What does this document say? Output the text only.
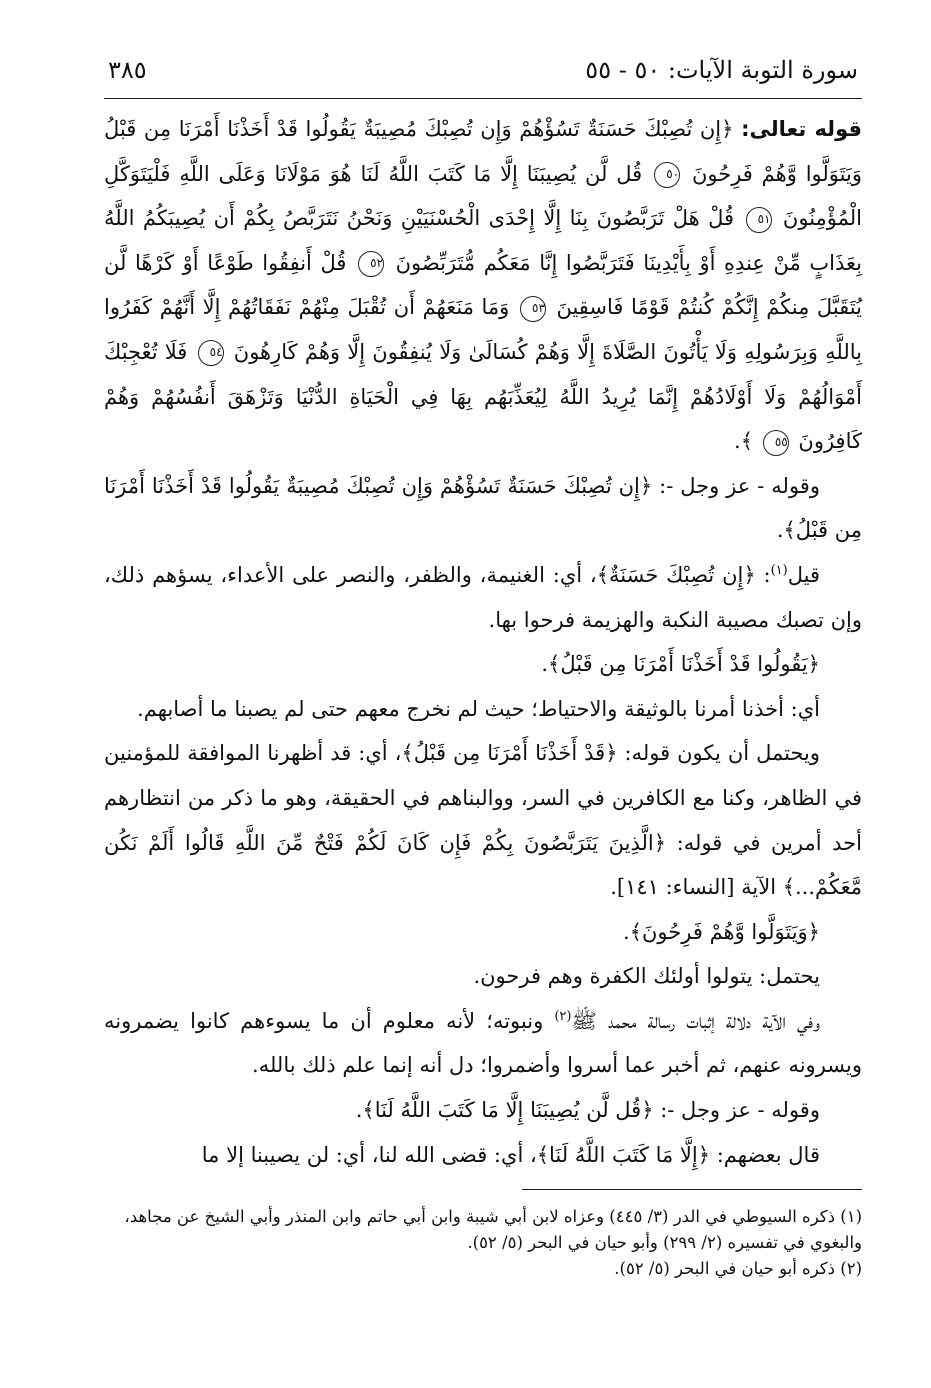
سورة التوبة الآيات: ٥٠ - ٥٥
٣٨٥

قوله تعالى: ﴿إِن تُصِبْكَ حَسَنَةٌ تَسُؤْهُمْ وَإِن تُصِبْكَ مُصِيبَةٌ يَقُولُوا قَدْ أَخَذْنَا أَمْرَنَا مِن قَبْلُ وَيَتَوَلَّوا وَّهُمْ فَرِحُونَ ٥٠ قُل لَّن يُصِيبَنَا إِلَّا مَا كَتَبَ اللَّهُ لَنَا هُوَ مَوْلَانَا وَعَلَى اللَّهِ فَلْيَتَوَكَّلِ الْمُؤْمِنُونَ ٥١ قُلْ هَلْ تَرَبَّصُونَ بِنَا إِلَّا إِحْدَى الْحُسْنَيَيْنِ وَنَحْنُ نَتَرَبَّصُ بِكُمْ أَن يُصِيبَكُمُ اللَّهُ بِعَذَابٍ مِّنْ عِندِهِ أَوْ بِأَيْدِينَا فَتَرَبَّصُوا إِنَّا مَعَكُم مُّتَرَبِّصُونَ ٥٢ قُلْ أَنفِقُوا طَوْعًا أَوْ كَرْهًا لَّن يُتَقَبَّلَ مِنكُمْ إِنَّكُمْ كُنتُمْ قَوْمًا فَاسِقِينَ ٥٣ وَمَا مَنَعَهُمْ أَن تُقْبَلَ مِنْهُمْ نَفَقَاتُهُمْ إِلَّا أَنَّهُمْ كَفَرُوا بِاللَّهِ وَبِرَسُولِهِ وَلَا يَأْتُونَ الصَّلَاةَ إِلَّا وَهُمْ كُسَالَىٰ وَلَا يُنفِقُونَ إِلَّا وَهُمْ كَارِهُونَ ٥٤ فَلَا تُعْجِبْكَ أَمْوَالُهُمْ وَلَا أَوْلَادُهُمْ إِنَّمَا يُرِيدُ اللَّهُ لِيُعَذِّبَهُم بِهَا فِي الْحَيَاةِ الدُّنْيَا وَتَزْهَقَ أَنفُسُهُمْ وَهُمْ كَافِرُونَ ٥٥ ﴾.

وقوله - عز وجل -: ﴿إِن تُصِبْكَ حَسَنَةٌ تَسُؤْهُمْ وَإِن تُصِبْكَ مُصِيبَةٌ يَقُولُوا قَدْ أَخَذْنَا أَمْرَنَا مِن قَبْلُ﴾.

قيل$^{(١)}$: ﴿إِن تُصِبْكَ حَسَنَةٌ﴾، أي: الغنيمة، والظفر، والنصر على الأعداء، يسؤهم ذلك، وإن تصبك مصيبة النكبة والهزيمة فرحوا بها.

﴿يَقُولُوا قَدْ أَخَذْنَا أَمْرَنَا مِن قَبْلُ﴾.

أي: أخذنا أمرنا بالوثيقة والاحتياط؛ حيث لم نخرج معهم حتى لم يصبنا ما أصابهم.

ويحتمل أن يكون قوله: ﴿قَدْ أَخَذْنَا أَمْرَنَا مِن قَبْلُ﴾، أي: قد أظهرنا الموافقة للمؤمنين في الظاهر، وكنا مع الكافرين في السر، ووالبناهم في الحقيقة، وهو ما ذكر من انتظارهم أحد أمرين في قوله: ﴿الَّذِينَ يَتَرَبَّصُونَ بِكُمْ فَإِن كَانَ لَكُمْ فَتْحٌ مِّنَ اللَّهِ قَالُوا أَلَمْ نَكُن مَّعَكُمْ...﴾ الآية [النساء: ١٤١].

﴿وَيَتَوَلَّوا وَّهُمْ فَرِحُونَ﴾.

يحتمل: يتولوا أولئك الكفرة وهم فرحون.

وفي الآية دلالة إثبات رسالة محمد ﷺ$^{(٢)}$ ونبوته؛ لأنه معلوم أن ما يسوءهم كانوا يضمرونه ويسرونه عنهم، ثم أخبر عما أسروا وأضمروا؛ دل أنه إنما علم ذلك بالله.

وقوله - عز وجل -: ﴿قُل لَّن يُصِيبَنَا إِلَّا مَا كَتَبَ اللَّهُ لَنَا﴾.

قال بعضهم: ﴿إِلَّا مَا كَتَبَ اللَّهُ لَنَا﴾، أي: قضى الله لنا، أي: لن يصيبنا إلا ما

(١) ذكره السيوطي في الدر (٣/ ٤٤٥) وعزاه لابن أبي شيبة وابن أبي حاتم وابن المنذر وأبي الشيخ عن مجاهد، والبغوي في تفسيره (٢/ ٢٩٩) وأبو حيان في البحر (٥/ ٥٢).

(٢) ذكره أبو حيان في البحر (٥/ ٥٢).
